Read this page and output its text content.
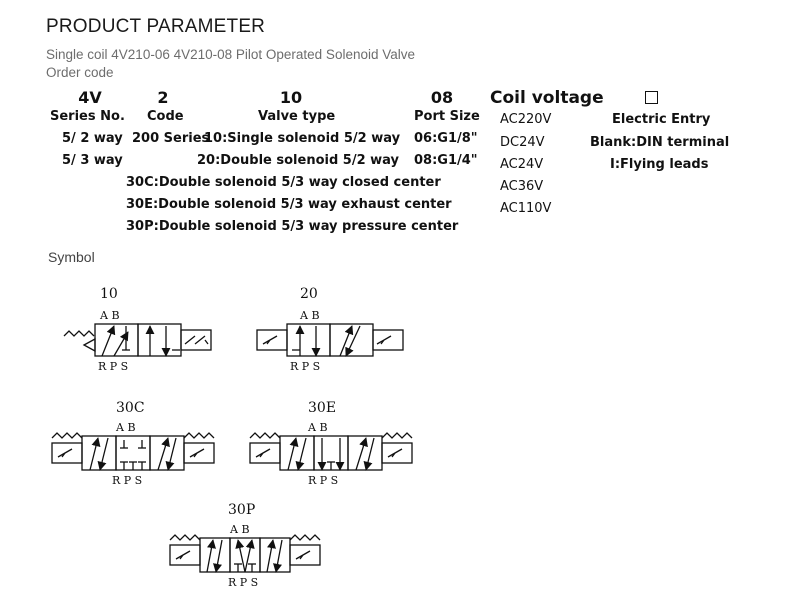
PRODUCT PARAMETER
Single coil 4V210-06 4V210-08 Pilot Operated Solenoid Valve
Order code
4V
Series No.
5/ 2 way
5/ 3 way
2
Code
200 Series
10
Valve type
10:Single solenoid 5/2 way
20:Double solenoid 5/2 way
30C:Double solenoid 5/3 way closed center
30E:Double solenoid 5/3 way exhaust center
30P:Double solenoid 5/3 way pressure center
08
Port Size
06:G1/8"
08:G1/4"
Coil voltage
AC220V
DC24V
AC24V
AC36V
AC110V
Electric Entry
Blank:DIN terminal
I:Flying leads
Symbol
10
A B
R P S
20
A B
R P S
30C
A B
R P S
30E
A B
R P S
30P
A B
R P S
